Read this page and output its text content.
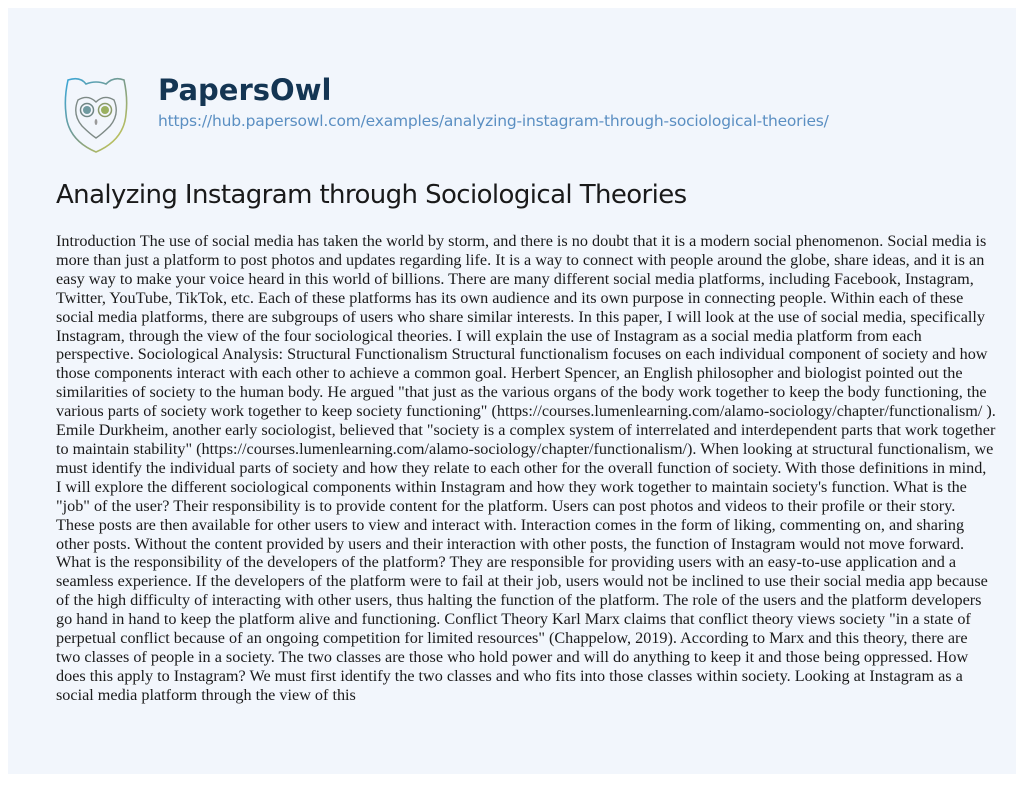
PapersOwl
https://hub.papersowl.com/examples/analyzing-instagram-through-sociological-theories/
Analyzing Instagram through Sociological Theories
Introduction The use of social media has taken the world by storm, and there is no doubt that it is a modern social phenomenon. Social media is
more than just a platform to post photos and updates regarding life. It is a way to connect with people around the globe, share ideas, and it is an
easy way to make your voice heard in this world of billions. There are many different social media platforms, including Facebook, Instagram,
Twitter, YouTube, TikTok, etc. Each of these platforms has its own audience and its own purpose in connecting people. Within each of these
social media platforms, there are subgroups of users who share similar interests. In this paper, I will look at the use of social media, specifically
Instagram, through the view of the four sociological theories. I will explain the use of Instagram as a social media platform from each
perspective. Sociological Analysis: Structural Functionalism Structural functionalism focuses on each individual component of society and how
those components interact with each other to achieve a common goal. Herbert Spencer, an English philosopher and biologist pointed out the
similarities of society to the human body. He argued "that just as the various organs of the body work together to keep the body functioning, the
various parts of society work together to keep society functioning" (https://courses.lumenlearning.com/alamo-sociology/chapter/functionalism/ ).
Emile Durkheim, another early sociologist, believed that "society is a complex system of interrelated and interdependent parts that work together
to maintain stability" (https://courses.lumenlearning.com/alamo-sociology/chapter/functionalism/). When looking at structural functionalism, we
must identify the individual parts of society and how they relate to each other for the overall function of society. With those definitions in mind,
I will explore the different sociological components within Instagram and how they work together to maintain society's function. What is the
"job" of the user? Their responsibility is to provide content for the platform. Users can post photos and videos to their profile or their story.
These posts are then available for other users to view and interact with. Interaction comes in the form of liking, commenting on, and sharing
other posts. Without the content provided by users and their interaction with other posts, the function of Instagram would not move forward.
What is the responsibility of the developers of the platform? They are responsible for providing users with an easy-to-use application and a
seamless experience. If the developers of the platform were to fail at their job, users would not be inclined to use their social media app because
of the high difficulty of interacting with other users, thus halting the function of the platform. The role of the users and the platform developers
go hand in hand to keep the platform alive and functioning. Conflict Theory Karl Marx claims that conflict theory views society "in a state of
perpetual conflict because of an ongoing competition for limited resources" (Chappelow, 2019). According to Marx and this theory, there are
two classes of people in a society. The two classes are those who hold power and will do anything to keep it and those being oppressed. How
does this apply to Instagram? We must first identify the two classes and who fits into those classes within society. Looking at Instagram as a
social media platform through the view of this
